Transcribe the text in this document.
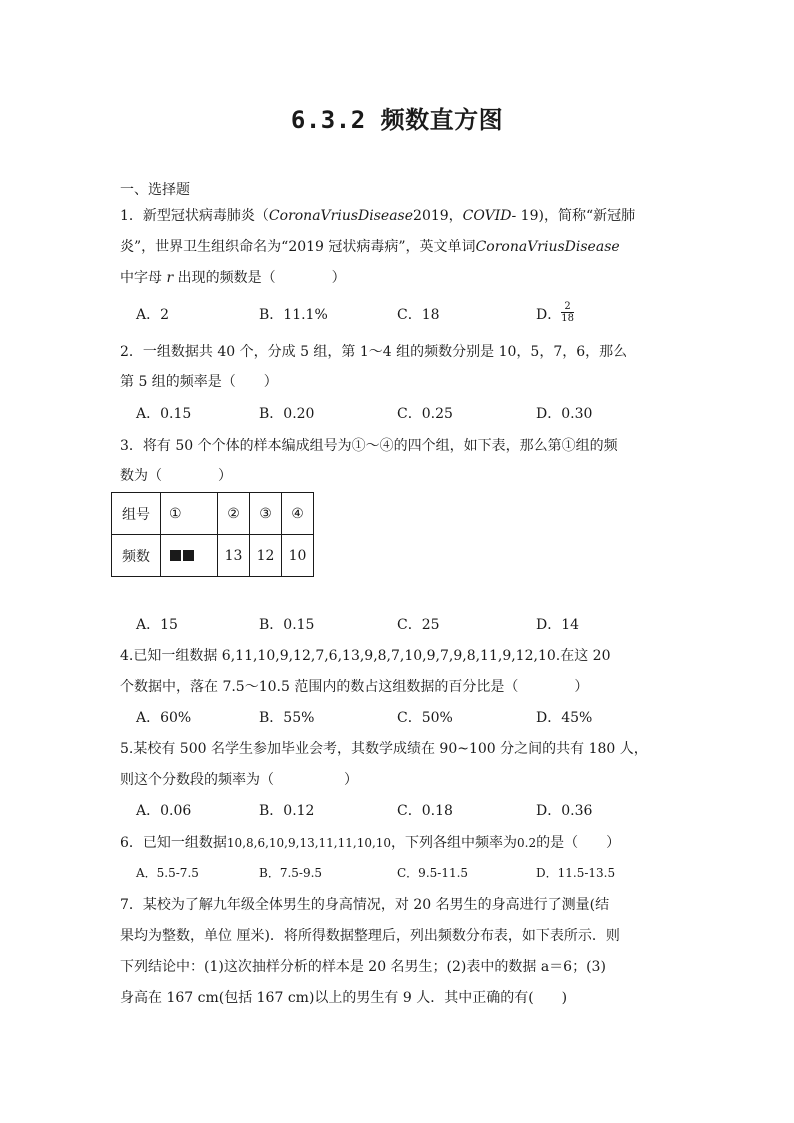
6.3.2 频数直方图
一、选择题
1．新型冠状病毒肺炎（CoronaVriusDisease2019，COVID- 19)，简称“新冠肺
炎”，世界卫生组织命名为“2019 冠状病毒病”，英文单词CoronaVriusDisease
中字母 r 出现的频数是（　　　　）
A．2	B．11.1%	C．18	D． $\frac{2}{18}$
2．一组数据共 40 个，分成 5 组，第 1～4 组的频数分别是 10，5，7，6，那么
第 5 组的频率是（　　）
A．0.15	B．0.20	C．0.25	D．0.30
3．将有 50 个个体的样本编成组号为①～④的四个组，如下表，那么第①组的频
数为（　　　　）
组号	①	②	③	④
频数		13	12	10
A．15	B．0.15	C．25	D．14
4.已知一组数据 6,11,10,9,12,7,6,13,9,8,7,10,9,7,9,8,11,9,12,10.在这 20
个数据中，落在 7.5～10.5 范围内的数占这组数据的百分比是（　　　　）
A．60%	B．55%	C．50%	D．45%
5.某校有 500 名学生参加毕业会考，其数学成绩在 90~100 分之间的共有 180 人，
则这个分数段的频率为（　　　　　）
A．0.06	B．0.12	C．0.18	D．0.36
6．已知一组数据10,8,6,10,9,13,11,11,10,10，下列各组中频率为0.2的是（　　）
A．5.5-7.5	B．7.5-9.5	C．9.5-11.5	D．11.5-13.5
7．某校为了解九年级全体男生的身高情况，对 20 名男生的身高进行了测量(结
果均为整数，单位 厘米)．将所得数据整理后，列出频数分布表，如下表所示．则
下列结论中：(1)这次抽样分析的样本是 20 名男生；(2)表中的数据 a＝6；(3)
身高在 167 cm(包括 167 cm)以上的男生有 9 人．其中正确的有(　　)
